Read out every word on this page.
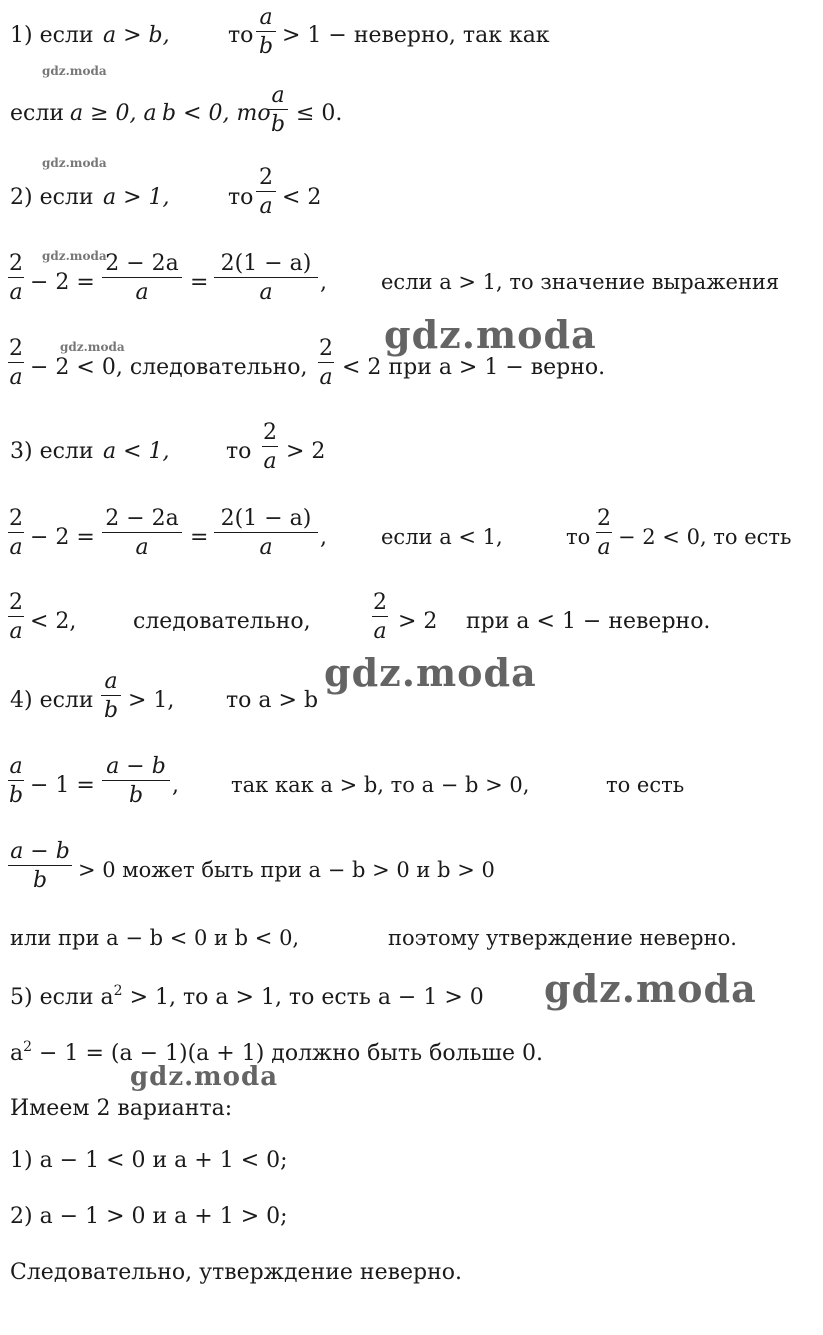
1) если a > b,	то
a
b > 1 − неверно, так как
gdz.moda
если a ≥ 0, а b < 0, то
a
b ≤ 0.
gdz.moda
2) если a > 1,	то
2
a < 2
gdz.moda
2
a − 2 =
2 − 2a
a	=
2(1 − a)
a	,	если a > 1, то значение выражения
gdz.moda
gdz.moda
2
a − 2 < 0, следовательно,
2
a < 2 при a > 1 − верно.
3) если a < 1,	то
2
a > 2
2
a − 2 =
2 − 2a
a	=
2(1 − a)
a	,	если a < 1,	то
2
a − 2 < 0, то есть
2
a < 2,	следовательно,
2
a > 2 при a < 1 − неверно.
gdz.moda
4) если
a
b > 1, то a > b
a
b − 1 =
a − b
b	, так как a > b, то a − b > 0,	то есть
a − b
b	> 0 может быть при a − b > 0 и b > 0
или при a − b < 0 и b < 0,	поэтому утверждение неверно.
gdz.moda
5) если $a^2 > 1$, то a > 1, то есть a − 1 > 0
$a^2 - 1 = (a - 1)(a + 1)$ должно быть больше 0.
gdz.moda
Имеем 2 варианта:
1) a − 1 < 0 и a + 1 < 0;
2) a − 1 > 0 и a + 1 > 0;
Следовательно, утверждение неверно.
